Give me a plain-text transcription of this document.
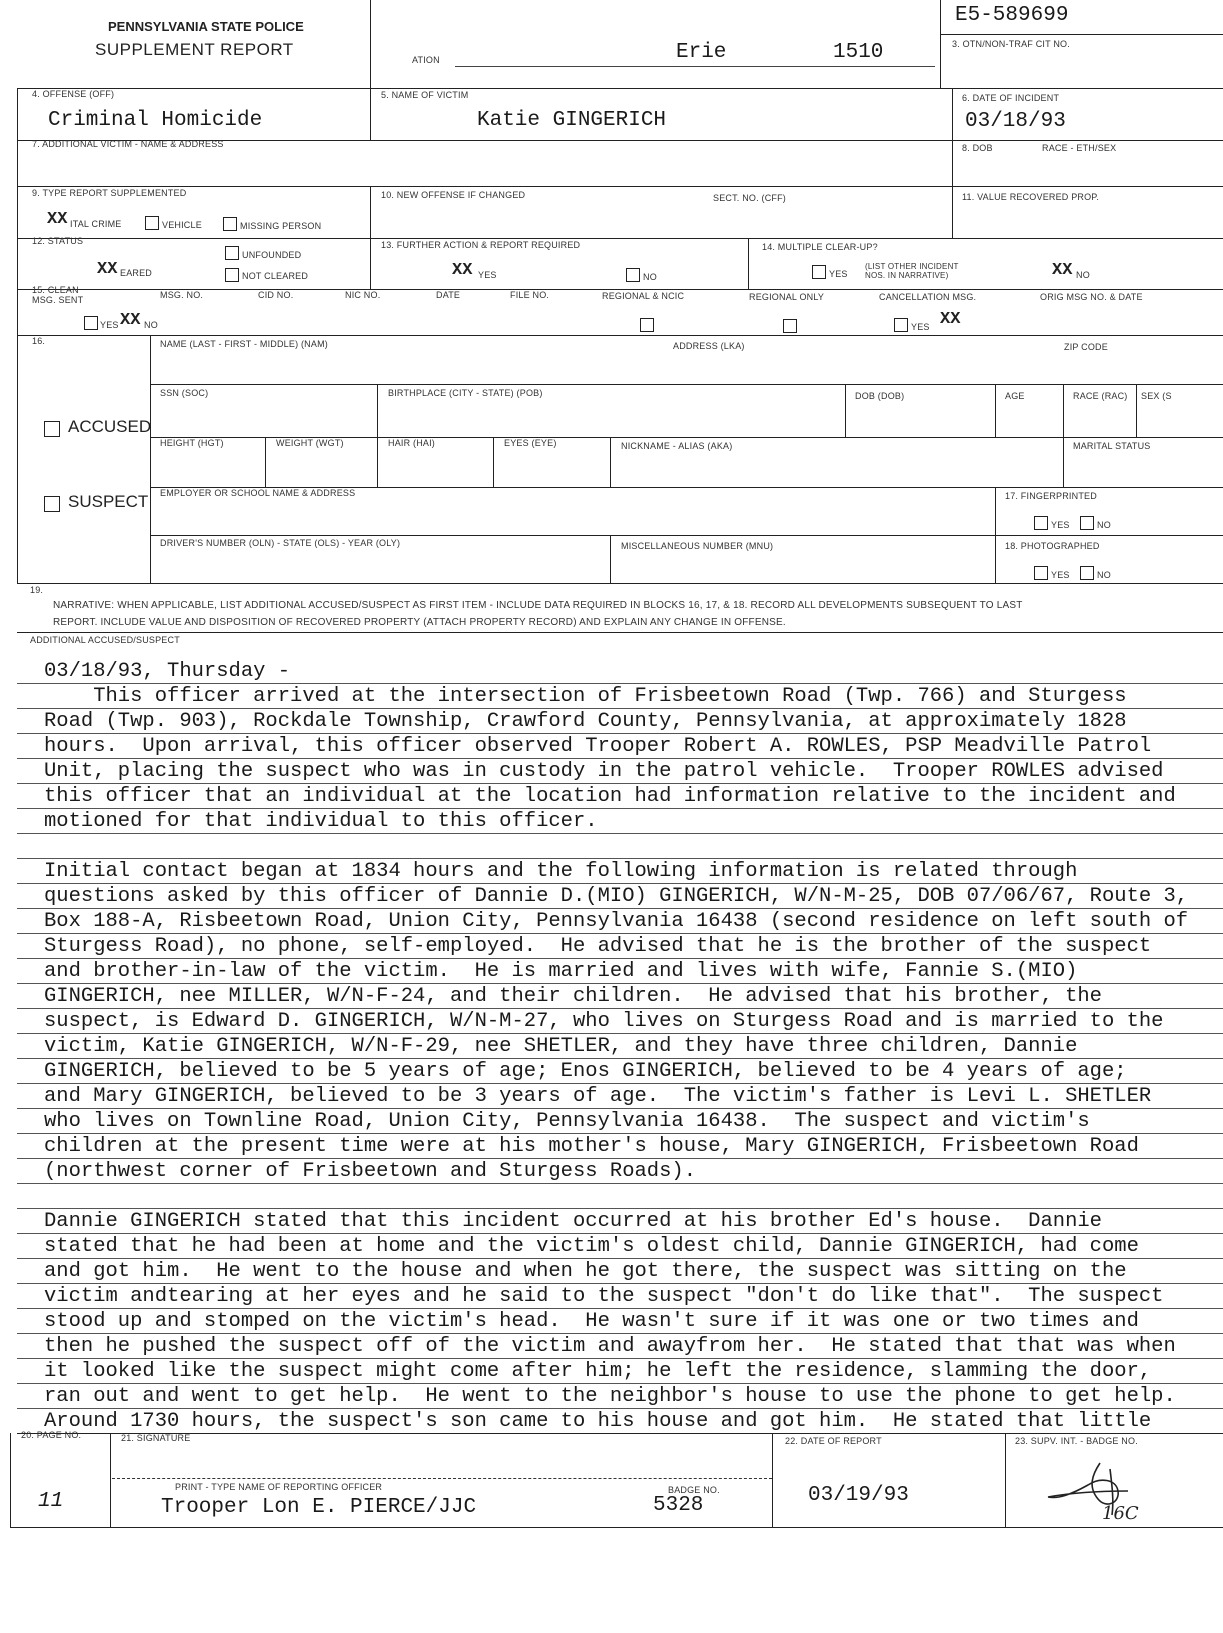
PENNSYLVANIA STATE POLICE
SUPPLEMENT REPORT
ATION	Erie	1510
E5-589699
3. OTN/NON-TRAF CIT NO.
4. OFFENSE (OFF)
Criminal Homicide
5. NAME OF VICTIM
Katie GINGERICH
6. DATE OF INCIDENT
03/18/93
7. ADDITIONAL VICTIM - NAME & ADDRESS	8. DOB	RACE - ETH/SEX
9. TYPE REPORT SUPPLEMENTED
XX ITAL CRIME	VEHICLE	MISSING PERSON
10. NEW OFFENSE IF CHANGED	SECT. NO. (CFF)	11. VALUE RECOVERED PROP.
12. STATUS
XX EARED
UNFOUNDED
NOT CLEARED
13. FURTHER ACTION & REPORT REQUIRED
XX YES	NO
14. MULTIPLE CLEAR-UP?
YES
(LIST OTHER INCIDENT NOS. IN NARRATIVE)	XX NO
15. CLEAN MSG. SENT
YES XX NO
MSG. NO.	CID NO.	NIC NO.	DATE	FILE NO.	REGIONAL & NCIC	REGIONAL ONLY	CANCELLATION MSG.
YES XX
ORIG MSG NO. & DATE
16.	NAME (LAST - FIRST - MIDDLE) (NAM)	ADDRESS (LKA)	ZIP CODE
SSN (SOC)	BIRTHPLACE (CITY - STATE) (POB)	DOB (DOB)	AGE	RACE (RAC) SEX (S
ACCUSED
HEIGHT (HGT)	WEIGHT (WGT)	HAIR (HAI)	EYES (EYE)	NICKNAME - ALIAS (AKA)	MARITAL STATUS
SUSPECT EMPLOYER OR SCHOOL NAME & ADDRESS	17. FINGERPRINTED
YES	NO
DRIVER'S NUMBER (OLN) - STATE (OLS) - YEAR (OLY)	MISCELLANEOUS NUMBER (MNU)	18. PHOTOGRAPHED
YES	NO
19.
NARRATIVE: WHEN APPLICABLE, LIST ADDITIONAL ACCUSED/SUSPECT AS FIRST ITEM - INCLUDE DATA REQUIRED IN BLOCKS 16, 17, & 18. RECORD ALL DEVELOPMENTS SUBSEQUENT TO LAST
REPORT. INCLUDE VALUE AND DISPOSITION OF RECOVERED PROPERTY (ATTACH PROPERTY RECORD) AND EXPLAIN ANY CHANGE IN OFFENSE.
ADDITIONAL ACCUSED/SUSPECT
03/18/93, Thursday -
This officer arrived at the intersection of Frisbeetown Road (Twp. 766) and Sturgess
Road (Twp. 903), Rockdale Township, Crawford County, Pennsylvania, at approximately 1828
hours.  Upon arrival, this officer observed Trooper Robert A. ROWLES, PSP Meadville Patrol
Unit, placing the suspect who was in custody in the patrol vehicle.  Trooper ROWLES advised
this officer that an individual at the location had information relative to the incident and
motioned for that individual to this officer.
Initial contact began at 1834 hours and the following information is related through
questions asked by this officer of Dannie D.(MIO) GINGERICH, W/N-M-25, DOB 07/06/67, Route 3,
Box 188-A, Risbeetown Road, Union City, Pennsylvania 16438 (second residence on left south of
Sturgess Road), no phone, self-employed.  He advised that he is the brother of the suspect
and brother-in-law of the victim.  He is married and lives with wife, Fannie S.(MIO)
GINGERICH, nee MILLER, W/N-F-24, and their children.  He advised that his brother, the
suspect, is Edward D. GINGERICH, W/N-M-27, who lives on Sturgess Road and is married to the
victim, Katie GINGERICH, W/N-F-29, nee SHETLER, and they have three children, Dannie
GINGERICH, believed to be 5 years of age; Enos GINGERICH, believed to be 4 years of age;
and Mary GINGERICH, believed to be 3 years of age.  The victim's father is Levi L. SHETLER
who lives on Townline Road, Union City, Pennsylvania 16438.  The suspect and victim's
children at the present time were at his mother's house, Mary GINGERICH, Frisbeetown Road
(northwest corner of Frisbeetown and Sturgess Roads).
Dannie GINGERICH stated that this incident occurred at his brother Ed's house.  Dannie
stated that he had been at home and the victim's oldest child, Dannie GINGERICH, had come
and got him.  He went to the house and when he got there, the suspect was sitting on the
victim andtearing at her eyes and he said to the suspect "don't do like that".  The suspect
stood up and stomped on the victim's head.  He wasn't sure if it was one or two times and
then he pushed the suspect off of the victim and awayfrom her.  He stated that that was when
it looked like the suspect might come after him; he left the residence, slamming the door,
ran out and went to get help.  He went to the neighbor's house to use the phone to get help.
Around 1730 hours, the suspect's son came to his house and got him.  He stated that little
20. PAGE NO.
11
21. SIGNATURE
PRINT - TYPE NAME OF REPORTING OFFICER
Trooper Lon E. PIERCE/JJC
BADGE NO.
5328
22. DATE OF REPORT
03/19/93
23. SUPV. INT. - BADGE NO.
16C
